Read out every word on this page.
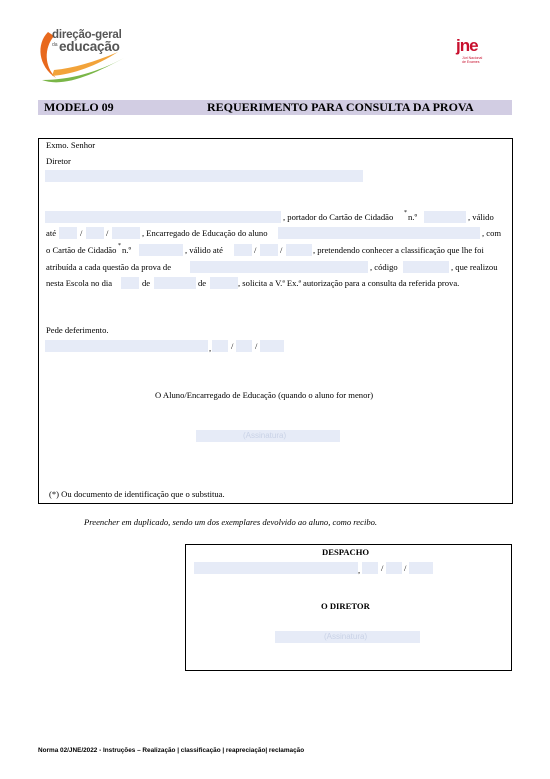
direção-geral
da educação	jne
Júri Nacional
de Exames
MODELO 09	REQUERIMENTO PARA CONSULTA DA PROVA
Exmo. Senhor
Diretor
, portador do Cartão de Cidadão * n.º	, válido
até	/	/	, Encarregado de Educação do aluno	, com
o Cartão de Cidadão * n.º	, válido até	/	/	, pretendendo conhecer a classificação que lhe foi
atribuída a cada questão da prova de	, código	, que realizou
nesta Escola no dia	de	de	, solicita a V.ª Ex.ª autorização para a consulta da referida prova.
Pede deferimento.
, /	/
O Aluno/Encarregado de Educação (quando o aluno for menor)
(Assinatura)
(*) Ou documento de identificação que o substitua.
Preencher em duplicado, sendo um dos exemplares devolvido ao aluno, como recibo.
DESPACHO
, / /
O DIRETOR
(Assinatura)
Norma 02/JNE/2022 - Instruções – Realização | classificação | reapreciação| reclamação
